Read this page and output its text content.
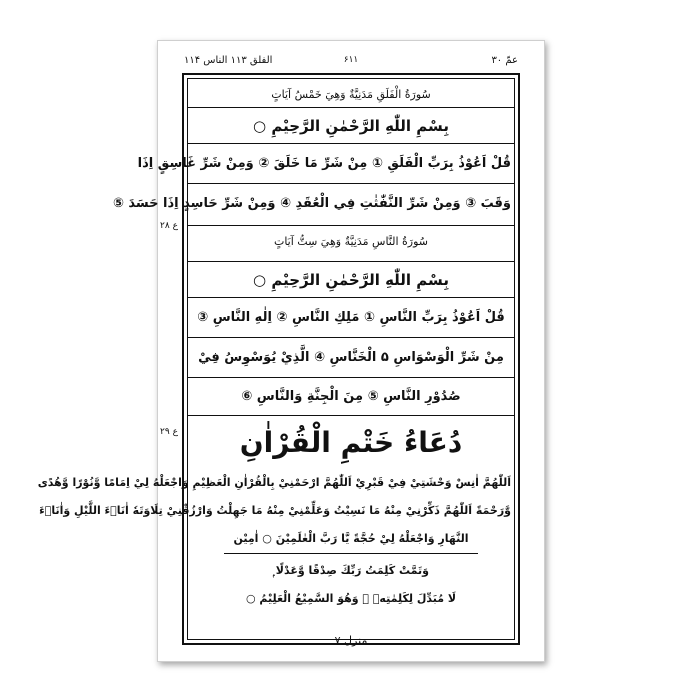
عمّ ۳۰
۶۱۱
الفلق ۱۱۳ الناس ۱۱۴
سُورَةُ الْفَلَقِ مَدَنِيَّةٌ وَهِيَ خَمْسُ آيَاتٍ
بِسْمِ اللّٰهِ الرَّحْمٰنِ الرَّحِيْمِ ○
قُلْ اَعُوْذُ بِرَبِّ الْفَلَقِ ① مِنْ شَرِّ مَا خَلَقَ ② وَمِنْ شَرِّ غَاسِقٍ اِذَا
وَقَبَ ③ وَمِنْ شَرِّ النَّفّٰثٰتِ فِي الْعُقَدِ ④ وَمِنْ شَرِّ حَاسِدٍ اِذَا حَسَدَ ⑤
سُورَةُ النَّاسِ مَدَنِيَّةٌ وَهِيَ سِتُّ آيَاتٍ
بِسْمِ اللّٰهِ الرَّحْمٰنِ الرَّحِيْمِ ○
قُلْ اَعُوْذُ بِرَبِّ النَّاسِ ① مَلِكِ النَّاسِ ② اِلٰهِ النَّاسِ ③
مِنْ شَرِّ الْوَسْوَاسِ ۵ الْخَنَّاسِ ④ الَّذِيْ يُوَسْوِسُ فِيْ
صُدُوْرِ النَّاسِ ⑤ مِنَ الْجِنَّةِ وَالنَّاسِ ⑥
دُعَاءُ خَتْمِ الْقُرْاٰنِ
اَللّٰهُمَّ اٰنِسْ وَحْشَتِيْ فِيْ قَبْرِيْ اَللّٰهُمَّ ارْحَمْنِيْ بِالْقُرْاٰنِ الْعَظِيْمِ وَاجْعَلْهُ لِيْ اِمَامًا وَّنُوْرًا وَّهُدًى
وَّرَحْمَةً اَللّٰهُمَّ ذَكِّرْنِيْ مِنْهُ مَا نَسِيْتُ وَعَلِّمْنِيْ مِنْهُ مَا جَهِلْتُ وَارْزُقْنِيْ تِلَاوَتَهٗ اٰنَاۗءَ اللَّيْلِ وَاٰنَاۗءَ
النَّهَارِ وَاجْعَلْهُ لِيْ حُجَّةً يَّا رَبَّ الْعٰلَمِيْنَ ○ اٰمِيْن
وَتَمَّتْ كَلِمَتُ رَبِّكَ صِدْقًا وَّعَدْلًا ۭ
لَا مُبَدِّلَ لِكَلِمٰتِهٖ ۚ وَهُوَ السَّمِيْعُ الْعَلِيْمُ ○
منزل ۷
ع ۲۸
ع ۲۹
